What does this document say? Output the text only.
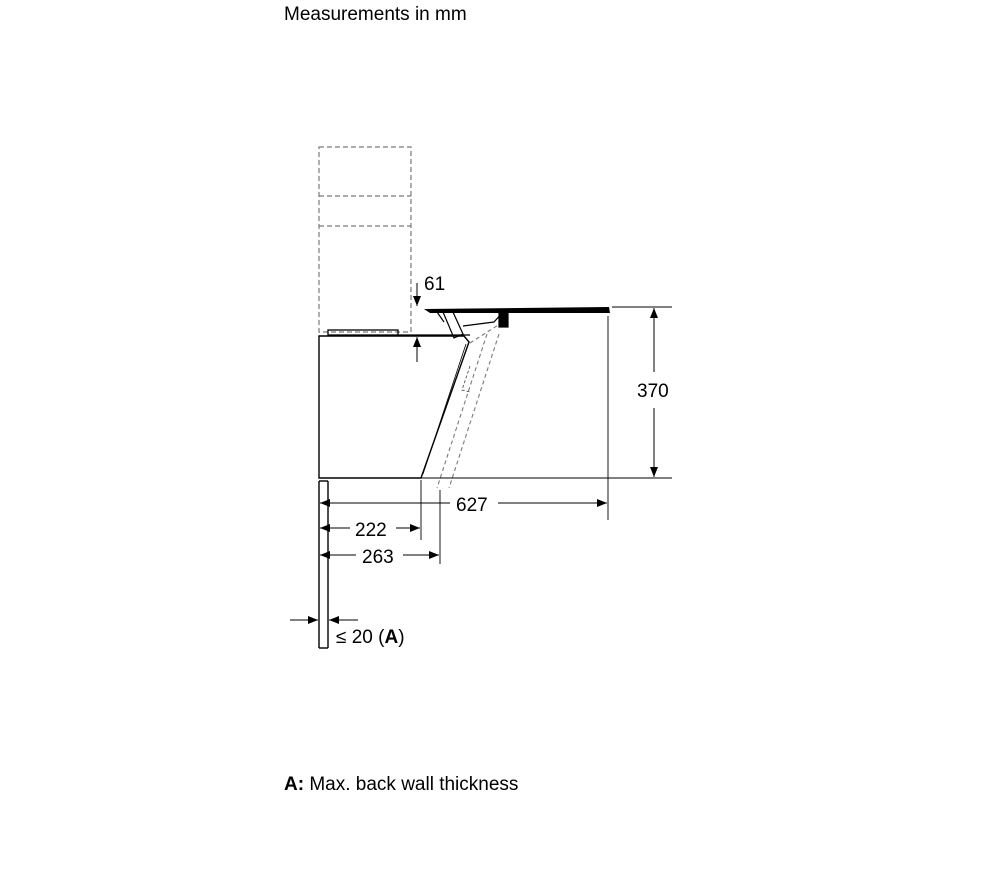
Measurements in mm
61
370
627
222
263
≤ 20 (A)
A: Max. back wall thickness
